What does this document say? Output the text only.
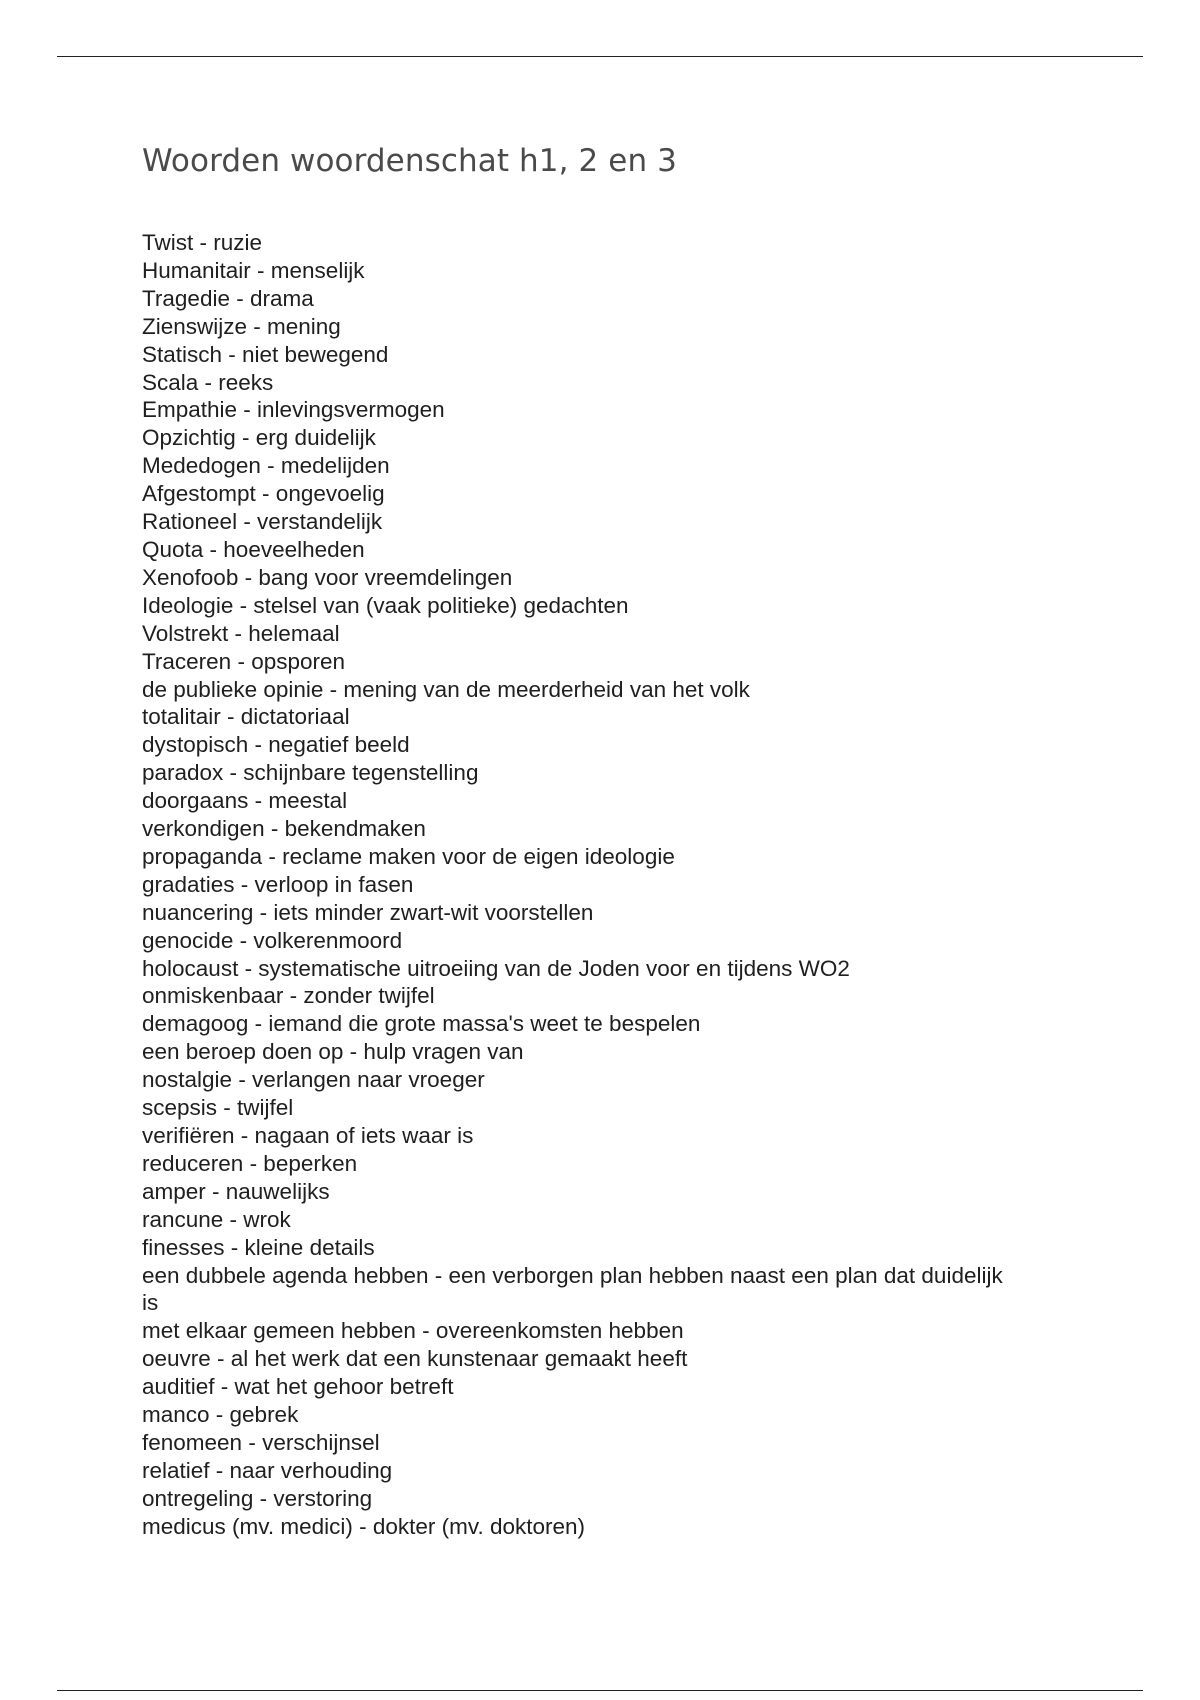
Woorden woordenschat h1, 2 en 3
Twist - ruzie
Humanitair - menselijk
Tragedie - drama
Zienswijze - mening
Statisch - niet bewegend
Scala - reeks
Empathie - inlevingsvermogen
Opzichtig - erg duidelijk
Mededogen - medelijden
Afgestompt - ongevoelig
Rationeel - verstandelijk
Quota - hoeveelheden
Xenofoob - bang voor vreemdelingen
Ideologie - stelsel van (vaak politieke) gedachten
Volstrekt - helemaal
Traceren - opsporen
de publieke opinie - mening van de meerderheid van het volk
totalitair - dictatoriaal
dystopisch - negatief beeld
paradox - schijnbare tegenstelling
doorgaans - meestal
verkondigen - bekendmaken
propaganda - reclame maken voor de eigen ideologie
gradaties - verloop in fasen
nuancering - iets minder zwart-wit voorstellen
genocide - volkerenmoord
holocaust - systematische uitroeiing van de Joden voor en tijdens WO2
onmiskenbaar - zonder twijfel
demagoog - iemand die grote massa's weet te bespelen
een beroep doen op - hulp vragen van
nostalgie - verlangen naar vroeger
scepsis - twijfel
verifiëren - nagaan of iets waar is
reduceren - beperken
amper - nauwelijks
rancune - wrok
finesses - kleine details
een dubbele agenda hebben - een verborgen plan hebben naast een plan dat duidelijk is
met elkaar gemeen hebben - overeenkomsten hebben
oeuvre - al het werk dat een kunstenaar gemaakt heeft
auditief - wat het gehoor betreft
manco - gebrek
fenomeen - verschijnsel
relatief - naar verhouding
ontregeling - verstoring
medicus (mv. medici) - dokter (mv. doktoren)
